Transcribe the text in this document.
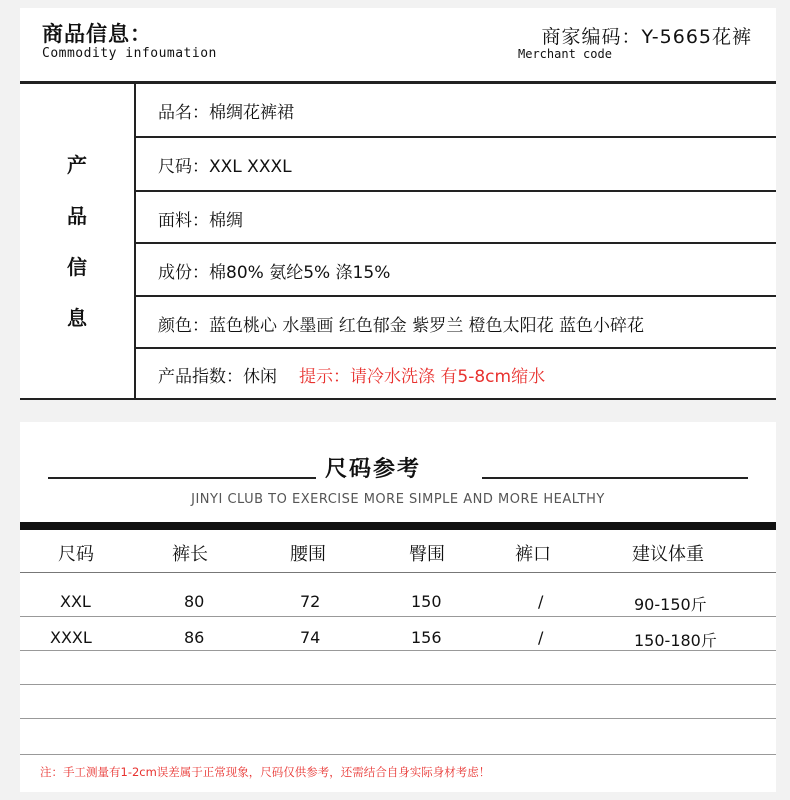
商品信息：
Commodity infoumation
商家编码：Y-5665花裤
Merchant code
产
品
信
息
品名：棉绸花裤裙
尺码：XXL XXXL
面料：棉绸
成份：棉80% 氨纶5% 涤15%
颜色：蓝色桃心 水墨画 红色郁金 紫罗兰 橙色太阳花 蓝色小碎花
产品指数：休闲 提示：请冷水洗涤 有5-8cm缩水
尺码参考
JINYI CLUB TO EXERCISE MORE SIMPLE AND MORE HEALTHY
尺码	裤长	腰围	臀围	裤口	建议体重
XXL	80	72	150	/	90-150斤
XXXL	86	74	156	/	150-180斤
注：手工测量有1-2cm误差属于正常现象，尺码仅供参考，还需结合自身实际身材考虑！
